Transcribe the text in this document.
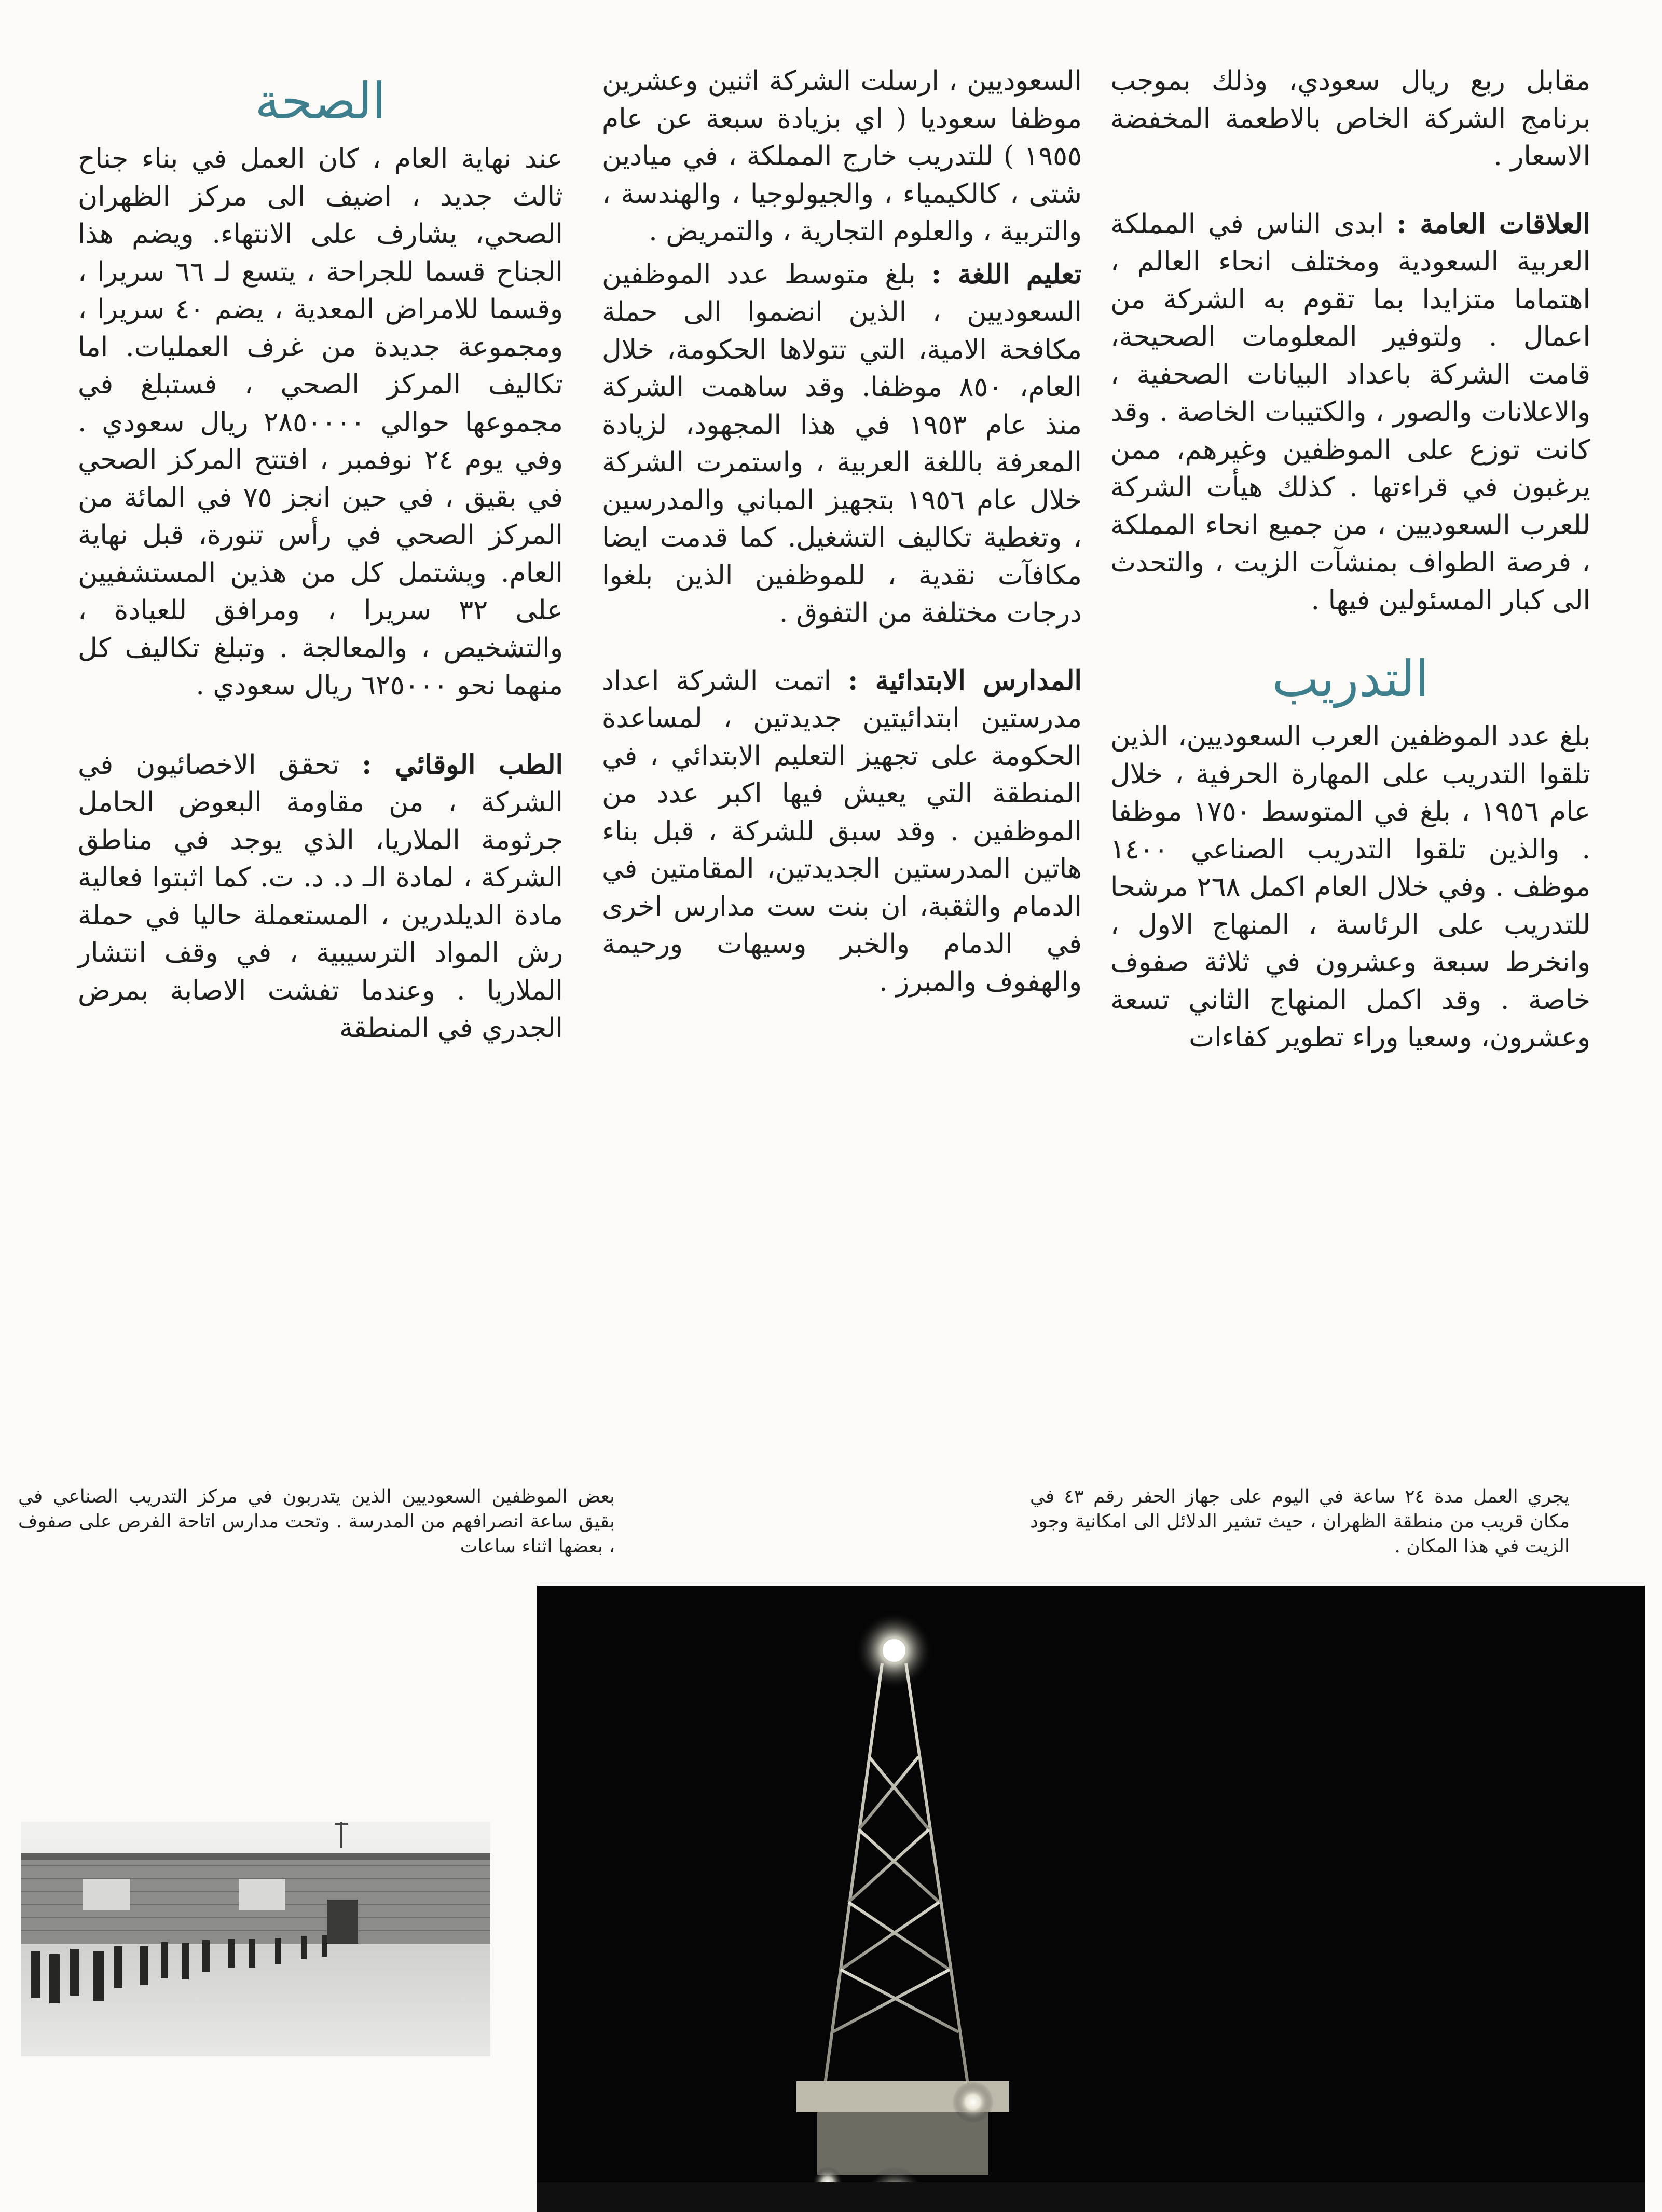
مقابل ربع ريال سعودي، وذلك بموجب برنامج الشركة الخاص بالاطعمة المخفضة الاسعار .

العلاقات العامة : ابدى الناس في المملكة العربية السعودية ومختلف انحاء العالم ، اهتماما متزايدا بما تقوم به الشركة من اعمال . ولتوفير المعلومات الصحيحة، قامت الشركة باعداد البيانات الصحفية ، والاعلانات والصور ، والكتيبات الخاصة . وقد كانت توزع على الموظفين وغيرهم، ممن يرغبون في قراءتها . كذلك هيأت الشركة للعرب السعوديين ، من جميع انحاء المملكة ، فرصة الطواف بمنشآت الزيت ، والتحدث الى كبار المسئولين فيها .

التدريب

بلغ عدد الموظفين العرب السعوديين، الذين تلقوا التدريب على المهارة الحرفية ، خلال عام ١٩٥٦ ، بلغ في المتوسط ١٧٥٠ موظفا . والذين تلقوا التدريب الصناعي ١٤٠٠ موظف . وفي خلال العام اكمل ٢٦٨ مرشحا للتدريب على الرئاسة ، المنهاج الاول ، وانخرط سبعة وعشرون في ثلاثة صفوف خاصة . وقد اكمل المنهاج الثاني تسعة وعشرون، وسعيا وراء تطوير كفاءات

السعوديين ، ارسلت الشركة اثنين وعشرين موظفا سعوديا ( اي بزيادة سبعة عن عام ١٩٥٥ ) للتدريب خارج المملكة ، في ميادين شتى ، كالكيمياء ، والجيولوجيا ، والهندسة ، والتربية ، والعلوم التجارية ، والتمريض .

تعليم اللغة : بلغ متوسط عدد الموظفين السعوديين ، الذين انضموا الى حملة مكافحة الامية، التي تتولاها الحكومة، خلال العام، ٨٥٠ موظفا. وقد ساهمت الشركة منذ عام ١٩٥٣ في هذا المجهود، لزيادة المعرفة باللغة العربية ، واستمرت الشركة خلال عام ١٩٥٦ بتجهيز المباني والمدرسين ، وتغطية تكاليف التشغيل. كما قدمت ايضا مكافآت نقدية ، للموظفين الذين بلغوا درجات مختلفة من التفوق .

المدارس الابتدائية : اتمت الشركة اعداد مدرستين ابتدائيتين جديدتين ، لمساعدة الحكومة على تجهيز التعليم الابتدائي ، في المنطقة التي يعيش فيها اكبر عدد من الموظفين . وقد سبق للشركة ، قبل بناء هاتين المدرستين الجديدتين، المقامتين في الدمام والثقبة، ان بنت ست مدارس اخرى في الدمام والخبر وسيهات ورحيمة والهفوف والمبرز .

الصحة

عند نهاية العام ، كان العمل في بناء جناح ثالث جديد ، اضيف الى مركز الظهران الصحي، يشارف على الانتهاء. ويضم هذا الجناح قسما للجراحة ، يتسع لـ ٦٦ سريرا ، وقسما للامراض المعدية ، يضم ٤٠ سريرا ، ومجموعة جديدة من غرف العمليات. اما تكاليف المركز الصحي ، فستبلغ في مجموعها حوالي ٢٨٥٠٠٠٠ ريال سعودي . وفي يوم ٢٤ نوفمبر ، افتتح المركز الصحي في بقيق ، في حين انجز ٧٥ في المائة من المركز الصحي في رأس تنورة، قبل نهاية العام. ويشتمل كل من هذين المستشفيين على ٣٢ سريرا ، ومرافق للعيادة ، والتشخيص ، والمعالجة . وتبلغ تكاليف كل منهما نحو ٦٢٥٠٠٠ ريال سعودي .

الطب الوقائي : تحقق الاخصائيون في الشركة ، من مقاومة البعوض الحامل جرثومة الملاريا، الذي يوجد في مناطق الشركة ، لمادة الـ د. د. ت. كما اثبتوا فعالية مادة الديلدرين ، المستعملة حاليا في حملة رش المواد الترسيبية ، في وقف انتشار الملاريا . وعندما تفشت الاصابة بمرض الجدري في المنطقة

بعض الموظفين السعوديين الذين يتدربون في مركز التدريب الصناعي في بقيق ساعة انصرافهم من المدرسة . وتحت مدارس اتاحة الفرص على صفوف ، بعضها اثناء ساعات
يجري العمل مدة ٢٤ ساعة في اليوم على جهاز الحفر رقم ٤٣ في مكان قريب من منطقة الظهران ، حيث تشير الدلائل الى امكانية وجود الزيت في هذا المكان .
